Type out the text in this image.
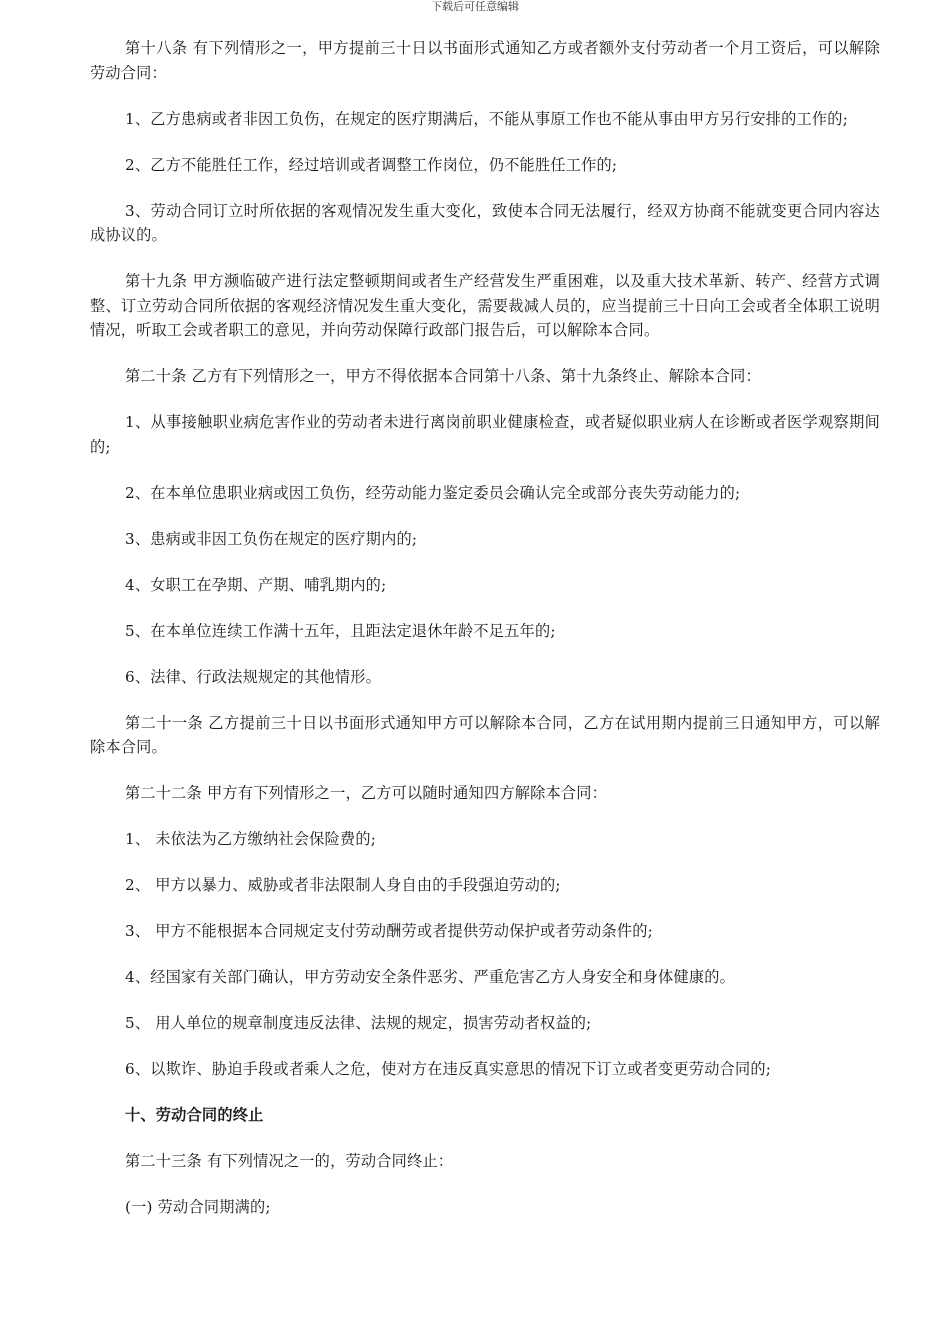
下载后可任意编辑

第十八条 有下列情形之一，甲方提前三十日以书面形式通知乙方或者额外支付劳动者一个月工资后，可以解除劳动合同：

1、乙方患病或者非因工负伤，在规定的医疗期满后，不能从事原工作也不能从事由甲方另行安排的工作的;

2、乙方不能胜任工作，经过培训或者调整工作岗位，仍不能胜任工作的;

3、劳动合同订立时所依据的客观情况发生重大变化，致使本合同无法履行，经双方协商不能就变更合同内容达成协议的。

第十九条 甲方濒临破产进行法定整顿期间或者生产经营发生严重困难，以及重大技术革新、转产、经营方式调整、订立劳动合同所依据的客观经济情况发生重大变化，需要裁减人员的，应当提前三十日向工会或者全体职工说明情况，听取工会或者职工的意见，并向劳动保障行政部门报告后，可以解除本合同。

第二十条 乙方有下列情形之一，甲方不得依据本合同第十八条、第十九条终止、解除本合同：

1、从事接触职业病危害作业的劳动者未进行离岗前职业健康检查，或者疑似职业病人在诊断或者医学观察期间的;

2、在本单位患职业病或因工负伤，经劳动能力鉴定委员会确认完全或部分丧失劳动能力的;

3、患病或非因工负伤在规定的医疗期内的;

4、女职工在孕期、产期、哺乳期内的;

5、在本单位连续工作满十五年，且距法定退休年龄不足五年的;

6、法律、行政法规规定的其他情形。

第二十一条 乙方提前三十日以书面形式通知甲方可以解除本合同，乙方在试用期内提前三日通知甲方，可以解除本合同。

第二十二条 甲方有下列情形之一，乙方可以随时通知四方解除本合同：

1、 未依法为乙方缴纳社会保险费的;

2、 甲方以暴力、威胁或者非法限制人身自由的手段强迫劳动的;

3、 甲方不能根据本合同规定支付劳动酬劳或者提供劳动保护或者劳动条件的;

4、经国家有关部门确认，甲方劳动安全条件恶劣、严重危害乙方人身安全和身体健康的。

5、 用人单位的规章制度违反法律、法规的规定，损害劳动者权益的;

6、以欺诈、胁迫手段或者乘人之危，使对方在违反真实意思的情况下订立或者变更劳动合同的;

十、劳动合同的终止

第二十三条 有下列情况之一的，劳动合同终止：

(一) 劳动合同期满的;
